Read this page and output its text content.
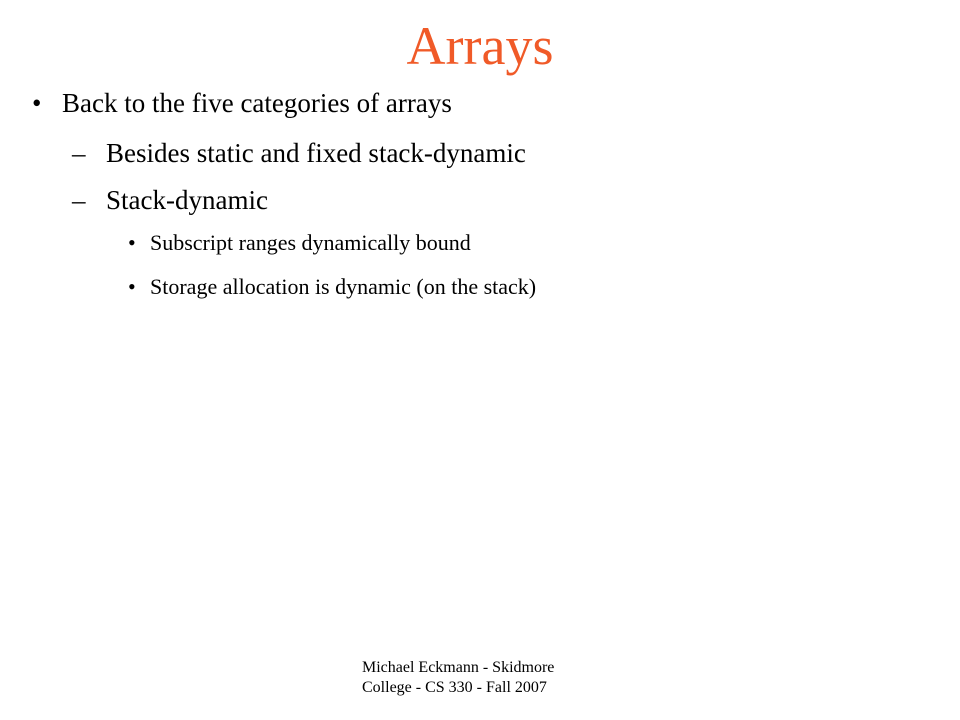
Arrays
• Back to the five categories of arrays
– Besides static and fixed stack-dynamic
– Stack-dynamic
• Subscript ranges dynamically bound
• Storage allocation is dynamic (on the stack)
Michael Eckmann - Skidmore
College - CS 330 - Fall 2007
